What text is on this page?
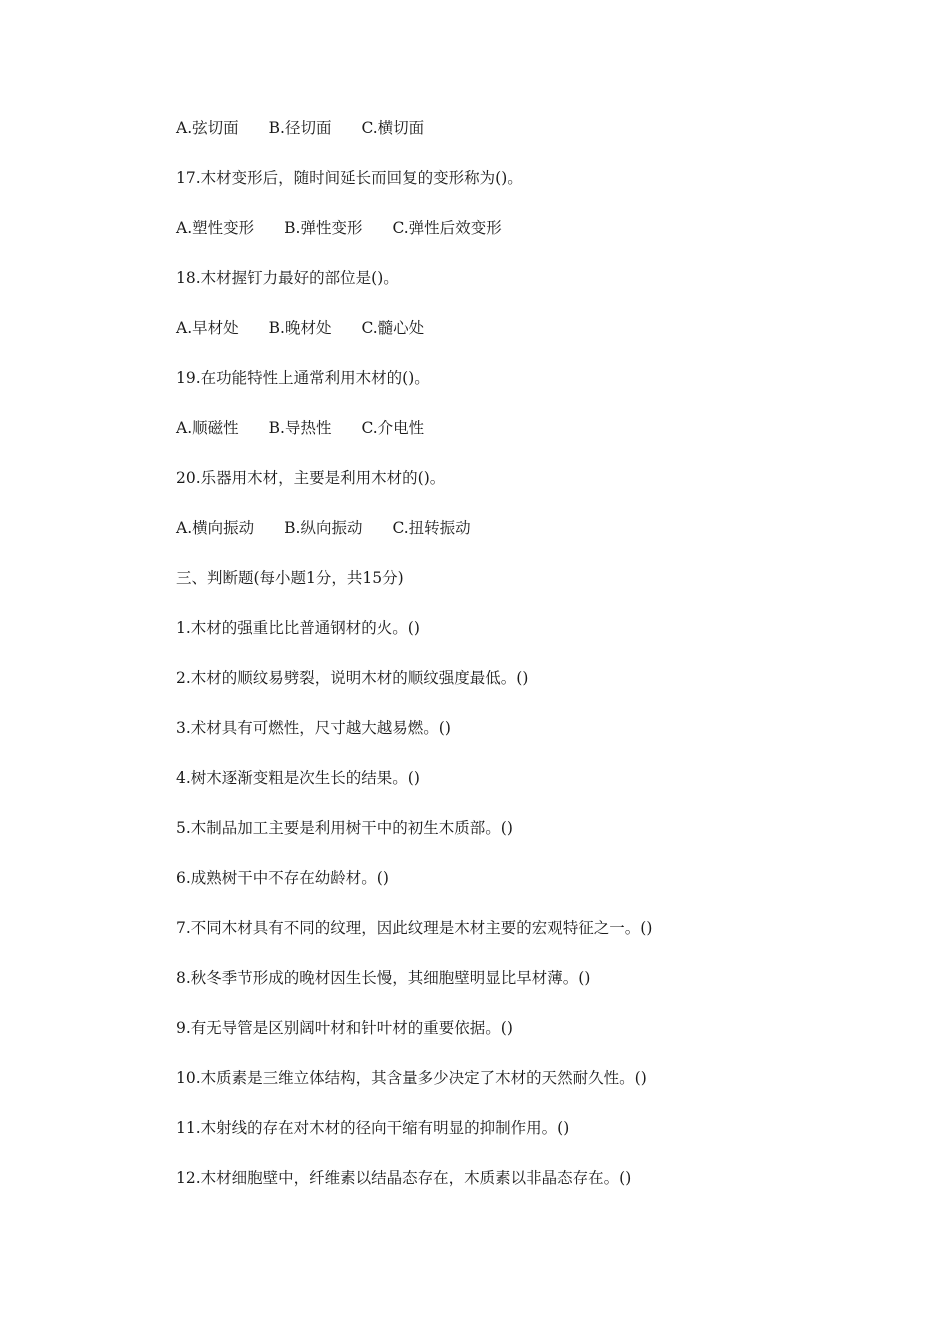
A.弦切面 B.径切面 C.横切面
17.木材变形后，随时间延长而回复的变形称为()。
A.塑性变形 B.弹性变形 C.弹性后效变形
18.木材握钉力最好的部位是()。
A.早材处 B.晚材处 C.髓心处
19.在功能特性上通常利用木材的()。
A.顺磁性 B.导热性 C.介电性
20.乐器用木材，主要是利用木材的()。
A.横向振动 B.纵向振动 C.扭转振动
三、判断题(每小题1分，共15分)
1.木材的强重比比普通钢材的火。()
2.木材的顺纹易劈裂，说明木材的顺纹强度最低。()
3.术材具有可燃性，尺寸越大越易燃。()
4.树木逐渐变粗是次生长的结果。()
5.木制品加工主要是利用树干中的初生木质部。()
6.成熟树干中不存在幼龄材。()
7.不同木材具有不同的纹理，因此纹理是木材主要的宏观特征之一。()
8.秋冬季节形成的晚材因生长慢，其细胞壁明显比早材薄。()
9.有无导管是区别阔叶材和针叶材的重要依据。()
10.木质素是三维立体结构，其含量多少决定了木材的天然耐久性。()
11.木射线的存在对木材的径向干缩有明显的抑制作用。()
12.木材细胞壁中，纤维素以结晶态存在，木质素以非晶态存在。()
